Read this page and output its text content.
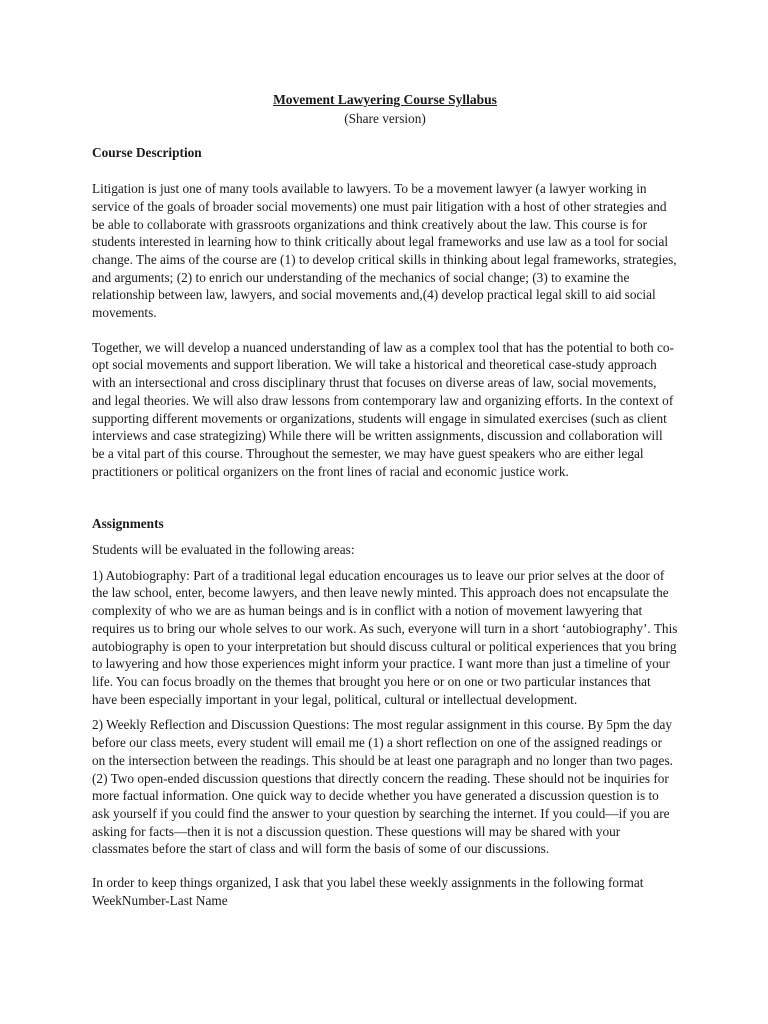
Movement Lawyering Course Syllabus

(Share version)

Course Description

Litigation is just one of many tools available to lawyers. To be a movement lawyer (a lawyer working in service of the goals of broader social movements) one must pair litigation with a host of other strategies and be able to collaborate with grassroots organizations and think creatively about the law. This course is for students interested in learning how to think critically about legal frameworks and use law as a tool for social change. The aims of the course are (1) to develop critical skills in thinking about legal frameworks, strategies, and arguments; (2) to enrich our understanding of the mechanics of social change; (3) to examine the relationship between law, lawyers, and social movements and,(4) develop practical legal skill to aid social movements.

Together, we will develop a nuanced understanding of law as a complex tool that has the potential to both co-opt social movements and support liberation. We will take a historical and theoretical case-study approach with an intersectional and cross disciplinary thrust that focuses on diverse areas of law, social movements, and legal theories. We will also draw lessons from contemporary law and organizing efforts. In the context of supporting different movements or organizations, students will engage in simulated exercises (such as client interviews and case strategizing) While there will be written assignments, discussion and collaboration will be a vital part of this course. Throughout the semester, we may have guest speakers who are either legal practitioners or political organizers on the front lines of racial and economic justice work.

Assignments

Students will be evaluated in the following areas:

1) Autobiography: Part of a traditional legal education encourages us to leave our prior selves at the door of the law school, enter, become lawyers, and then leave newly minted. This approach does not encapsulate the complexity of who we are as human beings and is in conflict with a notion of movement lawyering that requires us to bring our whole selves to our work. As such, everyone will turn in a short ‘autobiography’. This autobiography is open to your interpretation but should discuss cultural or political experiences that you bring to lawyering and how those experiences might inform your practice. I want more than just a timeline of your life. You can focus broadly on the themes that brought you here or on one or two particular instances that have been especially important in your legal, political, cultural or intellectual development.

2) Weekly Reflection and Discussion Questions: The most regular assignment in this course. By 5pm the day before our class meets, every student will email me (1) a short reflection on one of the assigned readings or on the intersection between the readings. This should be at least one paragraph and no longer than two pages. (2) Two open-ended discussion questions that directly concern the reading. These should not be inquiries for more factual information. One quick way to decide whether you have generated a discussion question is to ask yourself if you could find the answer to your question by searching the internet. If you could—if you are asking for facts—then it is not a discussion question. These questions will may be shared with your classmates before the start of class and will form the basis of some of our discussions.

In order to keep things organized, I ask that you label these weekly assignments in the following format WeekNumber-Last Name
